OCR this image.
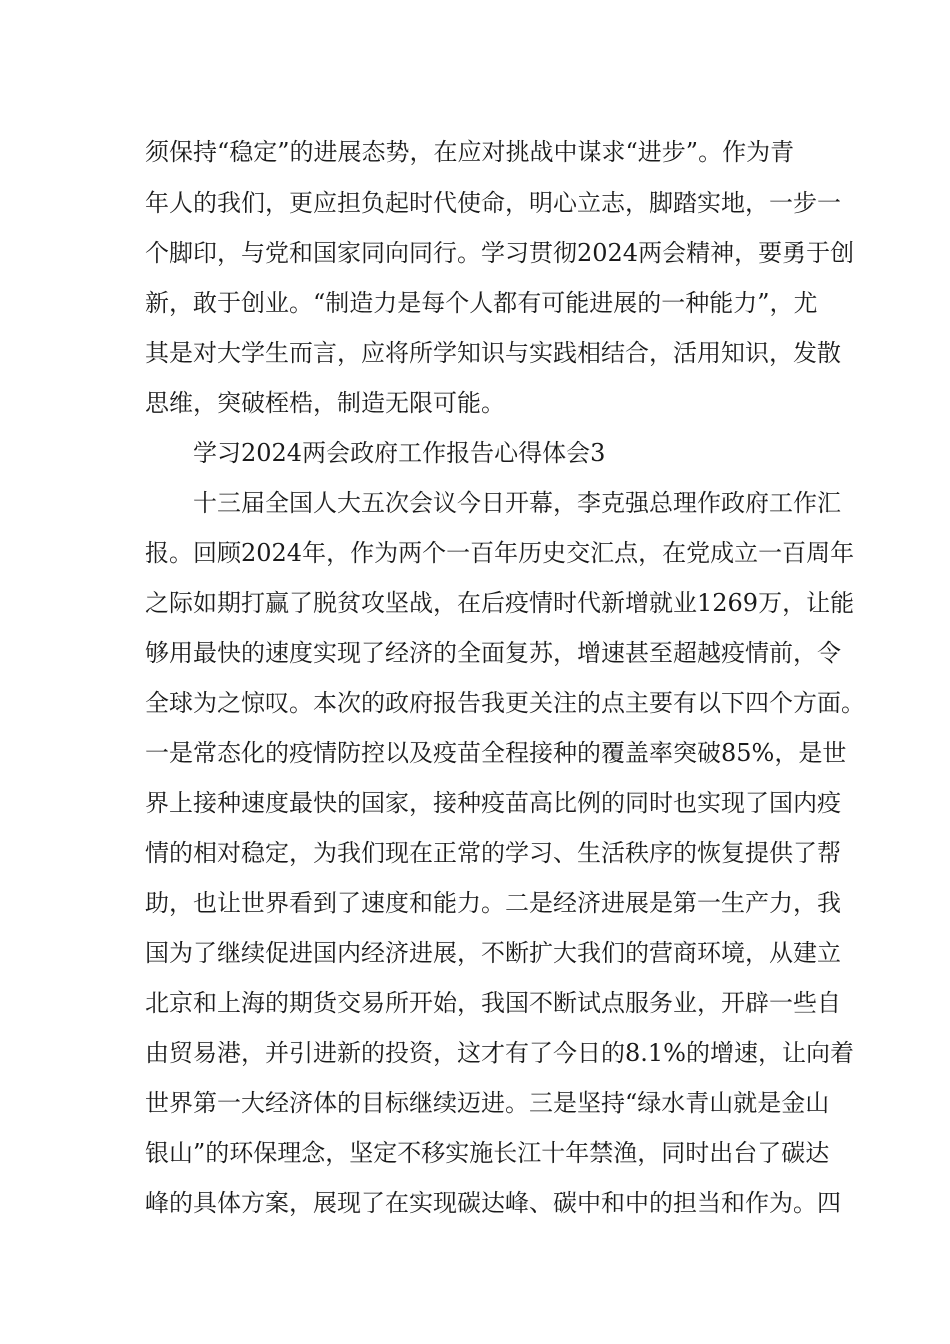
须保持“稳定”的进展态势，在应对挑战中谋求“进步”。作为青
年人的我们，更应担负起时代使命，明心立志，脚踏实地，一步一
个脚印，与党和国家同向同行。学习贯彻2024两会精神，要勇于创
新，敢于创业。“制造力是每个人都有可能进展的一种能力”，尤
其是对大学生而言，应将所学知识与实践相结合，活用知识，发散
思维，突破桎梏，制造无限可能。
学习2024两会政府工作报告心得体会3
十三届全国人大五次会议今日开幕，李克强总理作政府工作汇
报。回顾2024年，作为两个一百年历史交汇点，在党成立一百周年
之际如期打赢了脱贫攻坚战，在后疫情时代新增就业1269万，让能
够用最快的速度实现了经济的全面复苏，增速甚至超越疫情前，令
全球为之惊叹。本次的政府报告我更关注的点主要有以下四个方面。
一是常态化的疫情防控以及疫苗全程接种的覆盖率突破85%，是世
界上接种速度最快的国家，接种疫苗高比例的同时也实现了国内疫
情的相对稳定，为我们现在正常的学习、生活秩序的恢复提供了帮
助，也让世界看到了速度和能力。二是经济进展是第一生产力，我
国为了继续促进国内经济进展，不断扩大我们的营商环境，从建立
北京和上海的期货交易所开始，我国不断试点服务业，开辟一些自
由贸易港，并引进新的投资，这才有了今日的8.1%的增速，让向着
世界第一大经济体的目标继续迈进。三是坚持“绿水青山就是金山
银山”的环保理念，坚定不移实施长江十年禁渔，同时出台了碳达
峰的具体方案，展现了在实现碳达峰、碳中和中的担当和作为。四
